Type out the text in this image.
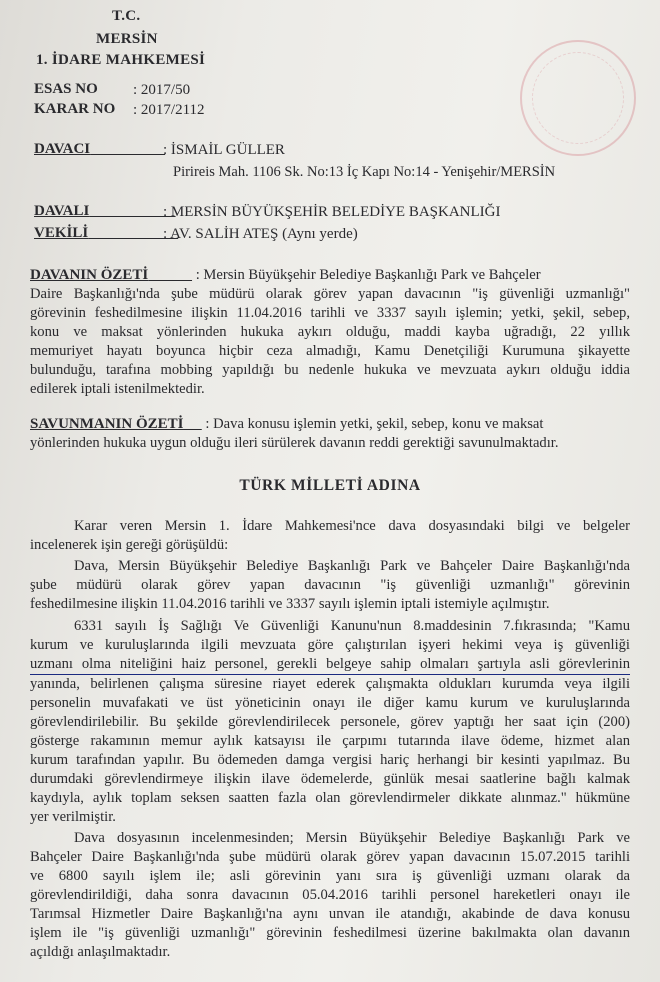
T.C.
MERSİN
1. İDARE MAHKEMESİ
ESAS NO : 2017/50
KARAR NO : 2017/2112
DAVACI	: İSMAİL GÜLLER
Pirireis Mah. 1106 Sk. No:13 İç Kapı No:14 - Yenişehir/MERSİN
DAVALI	: MERSİN BÜYÜKŞEHİR BELEDİYE BAŞKANLIĞI
VEKİLİ	: AV. SALİH ATEŞ (Aynı yerde)
DAVANIN ÖZETİ	: Mersin Büyükşehir Belediye Başkanlığı Park ve Bahçeler
Daire Başkanlığı'nda şube müdürü olarak görev yapan davacının "iş güvenliği uzmanlığı"
görevinin feshedilmesine ilişkin 11.04.2016 tarihli ve 3337 sayılı işlemin; yetki, şekil, sebep,
konu ve maksat yönlerinden hukuka aykırı olduğu, maddi kayba uğradığı, 22 yıllık
memuriyet hayatı boyunca hiçbir ceza almadığı, Kamu Denetçiliği Kurumuna şikayette
bulunduğu, tarafına mobbing yapıldığı bu nedenle hukuka ve mevzuata aykırı olduğu iddia
edilerek iptali istenilmektedir.
SAVUNMANIN ÖZETİ : Dava konusu işlemin yetki, şekil, sebep, konu ve maksat
yönlerinden hukuka uygun olduğu ileri sürülerek davanın reddi gerektiği savunulmaktadır.
TÜRK MİLLETİ ADINA
Karar veren Mersin 1. İdare Mahkemesi'nce dava dosyasındaki bilgi ve belgeler
incelenerek işin gereği görüşüldü:
Dava, Mersin Büyükşehir Belediye Başkanlığı Park ve Bahçeler Daire Başkanlığı'nda
şube müdürü olarak görev yapan davacının "iş güvenliği uzmanlığı" görevinin
feshedilmesine ilişkin 11.04.2016 tarihli ve 3337 sayılı işlemin iptali istemiyle açılmıştır.
6331 sayılı İş Sağlığı Ve Güvenliği Kanunu'nun 8.maddesinin 7.fıkrasında; "Kamu
kurum ve kuruluşlarında ilgili mevzuata göre çalıştırılan işyeri hekimi veya iş güvenliği
uzmanı olma niteliğini haiz personel, gerekli belgeye sahip olmaları şartıyla asli görevlerinin
yanında, belirlenen çalışma süresine riayet ederek çalışmakta oldukları kurumda veya ilgili
personelin muvafakati ve üst yöneticinin onayı ile diğer kamu kurum ve kuruluşlarında
görevlendirilebilir. Bu şekilde görevlendirilecek personele, görev yaptığı her saat için (200)
gösterge rakamının memur aylık katsayısı ile çarpımı tutarında ilave ödeme, hizmet alan
kurum tarafından yapılır. Bu ödemeden damga vergisi hariç herhangi bir kesinti yapılmaz. Bu
durumdaki görevlendirmeye ilişkin ilave ödemelerde, günlük mesai saatlerine bağlı kalmak
kaydıyla, aylık toplam seksen saatten fazla olan görevlendirmeler dikkate alınmaz." hükmüne
yer verilmiştir.
Dava dosyasının incelenmesinden; Mersin Büyükşehir Belediye Başkanlığı Park ve
Bahçeler Daire Başkanlığı'nda şube müdürü olarak görev yapan davacının 15.07.2015 tarihli
ve 6800 sayılı işlem ile; asli görevinin yanı sıra iş güvenliği uzmanı olarak da
görevlendirildiği, daha sonra davacının 05.04.2016 tarihli personel hareketleri onayı ile
Tarımsal Hizmetler Daire Başkanlığı'na aynı unvan ile atandığı, akabinde de dava konusu
işlem ile "iş güvenliği uzmanlığı" görevinin feshedilmesi üzerine bakılmakta olan davanın
açıldığı anlaşılmaktadır.
